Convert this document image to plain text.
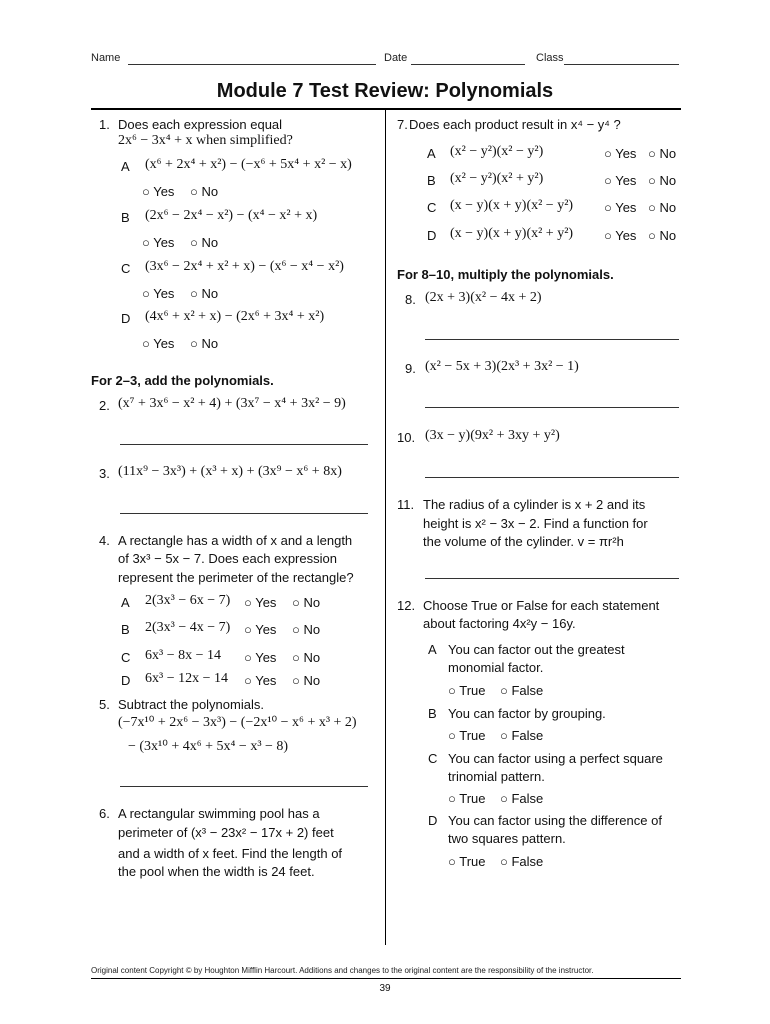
Name	Date	Class
Module 7 Test Review: Polynomials
1. Does each expression equal
2x⁶ − 3x⁴ + x when simplified?
A (x⁶ + 2x⁴ + x²) − (−x⁶ + 5x⁴ + x² − x)
○ Yes ○ No
B (2x⁶ − 2x⁴ − x²) − (x⁴ − x² + x)
○ Yes ○ No
C (3x⁶ − 2x⁴ + x² + x) − (x⁶ − x⁴ − x²)
○ Yes ○ No
D (4x⁶ + x² + x) − (2x⁶ + 3x⁴ + x²)
○ Yes ○ No
For 2–3, add the polynomials.
2. (x⁷ + 3x⁶ − x² + 4) + (3x⁷ − x⁴ + 3x² − 9)
3. (11x⁹ − 3x³) + (x³ + x) + (3x⁹ − x⁶ + 8x)
4. A rectangle has a width of x and a length
of 3x³ − 5x − 7. Does each expression
represent the perimeter of the rectangle?
A 2(3x³ − 6x − 7) ○ Yes ○ No
B 2(3x³ − 4x − 7) ○ Yes ○ No
C 6x³ − 8x − 14 ○ Yes ○ No
D 6x³ − 12x − 14 ○ Yes ○ No
5. Subtract the polynomials.
(−7x¹⁰ + 2x⁶ − 3x³) − (−2x¹⁰ − x⁶ + x³ + 2)
− (3x¹⁰ + 4x⁶ + 5x⁴ − x³ − 8)
6. A rectangular swimming pool has a
perimeter of (x³ − 23x² − 17x + 2) feet
and a width of x feet. Find the length of
the pool when the width is 24 feet.
7. Does each product result in x⁴ − y⁴ ?
A (x² − y²)(x² − y²)	○ Yes ○ No
B (x² − y²)(x² + y²)	○ Yes ○ No
C (x − y)(x + y)(x² − y²) ○ Yes ○ No
D (x − y)(x + y)(x² + y²) ○ Yes ○ No
For 8–10, multiply the polynomials.
8. (2x + 3)(x² − 4x + 2)
9. (x² − 5x + 3)(2x³ + 3x² − 1)
10. (3x − y)(9x² + 3xy + y²)
11. The radius of a cylinder is x + 2 and its
height is x² − 3x − 2. Find a function for
the volume of the cylinder. v = πr²h
12. Choose True or False for each statement
about factoring 4x²y − 16y.
A You can factor out the greatest
monomial factor.
○ True ○ False
B You can factor by grouping.
○ True ○ False
C You can factor using a perfect square
trinomial pattern.
○ True ○ False
D You can factor using the difference of
two squares pattern.
○ True ○ False
Original content Copyright © by Houghton Mifflin Harcourt. Additions and changes to the original content are the responsibility of the instructor.
39
